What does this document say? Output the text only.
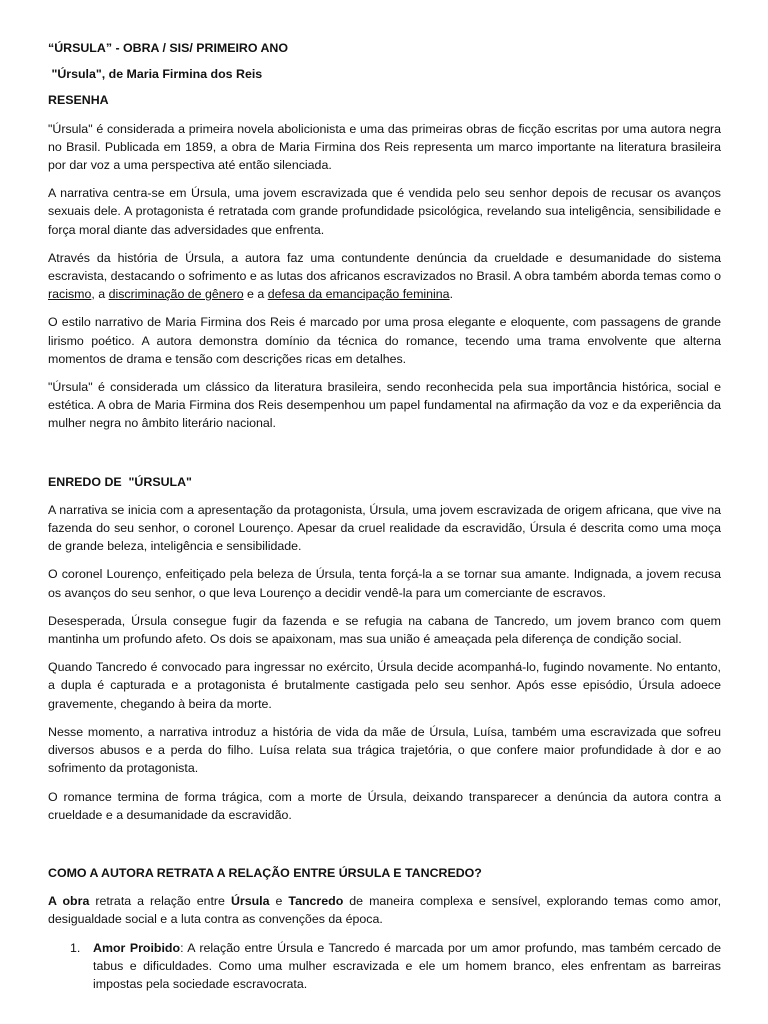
“ÚRSULA” - OBRA / SIS/ PRIMEIRO ANO

"Úrsula", de Maria Firmina dos Reis

RESENHA

"Úrsula" é considerada a primeira novela abolicionista e uma das primeiras obras de ficção escritas por uma autora negra no Brasil. Publicada em 1859, a obra de Maria Firmina dos Reis representa um marco importante na literatura brasileira por dar voz a uma perspectiva até então silenciada.

A narrativa centra-se em Úrsula, uma jovem escravizada que é vendida pelo seu senhor depois de recusar os avanços sexuais dele. A protagonista é retratada com grande profundidade psicológica, revelando sua inteligência, sensibilidade e força moral diante das adversidades que enfrenta.

Através da história de Úrsula, a autora faz uma contundente denúncia da crueldade e desumanidade do sistema escravista, destacando o sofrimento e as lutas dos africanos escravizados no Brasil. A obra também aborda temas como o racismo, a discriminação de gênero e a defesa da emancipação feminina.

O estilo narrativo de Maria Firmina dos Reis é marcado por uma prosa elegante e eloquente, com passagens de grande lirismo poético. A autora demonstra domínio da técnica do romance, tecendo uma trama envolvente que alterna momentos de drama e tensão com descrições ricas em detalhes.

"Úrsula" é considerada um clássico da literatura brasileira, sendo reconhecida pela sua importância histórica, social e estética. A obra de Maria Firmina dos Reis desempenhou um papel fundamental na afirmação da voz e da experiência da mulher negra no âmbito literário nacional.

ENREDO DE  "ÚRSULA"

A narrativa se inicia com a apresentação da protagonista, Úrsula, uma jovem escravizada de origem africana, que vive na fazenda do seu senhor, o coronel Lourenço. Apesar da cruel realidade da escravidão, Úrsula é descrita como uma moça de grande beleza, inteligência e sensibilidade.

O coronel Lourenço, enfeitiçado pela beleza de Úrsula, tenta forçá-la a se tornar sua amante. Indignada, a jovem recusa os avanços do seu senhor, o que leva Lourenço a decidir vendê-la para um comerciante de escravos.

Desesperada, Úrsula consegue fugir da fazenda e se refugia na cabana de Tancredo, um jovem branco com quem mantinha um profundo afeto. Os dois se apaixonam, mas sua união é ameaçada pela diferença de condição social.

Quando Tancredo é convocado para ingressar no exército, Úrsula decide acompanhá-lo, fugindo novamente. No entanto, a dupla é capturada e a protagonista é brutalmente castigada pelo seu senhor. Após esse episódio, Úrsula adoece gravemente, chegando à beira da morte.

Nesse momento, a narrativa introduz a história de vida da mãe de Úrsula, Luísa, também uma escravizada que sofreu diversos abusos e a perda do filho. Luísa relata sua trágica trajetória, o que confere maior profundidade à dor e ao sofrimento da protagonista.

O romance termina de forma trágica, com a morte de Úrsula, deixando transparecer a denúncia da autora contra a crueldade e a desumanidade da escravidão.

COMO A AUTORA RETRATA A RELAÇÃO ENTRE ÚRSULA E TANCREDO?

A obra retrata a relação entre Úrsula e Tancredo de maneira complexa e sensível, explorando temas como amor, desigualdade social e a luta contra as convenções da época.

1. Amor Proibido: A relação entre Úrsula e Tancredo é marcada por um amor profundo, mas também cercado de tabus e dificuldades. Como uma mulher escravizada e ele um homem branco, eles enfrentam as barreiras impostas pela sociedade escravocrata.
